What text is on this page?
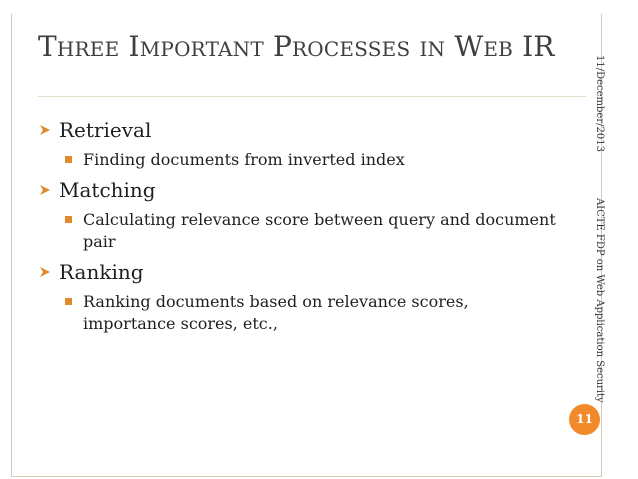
Three Important Processes in Web IR
Retrieval
Finding documents from inverted index
Matching
Calculating relevance score between query and document pair
Ranking
Ranking documents based on relevance scores, importance scores, etc.,
11/December/2013AICTE FDP on Web Application Security
11
